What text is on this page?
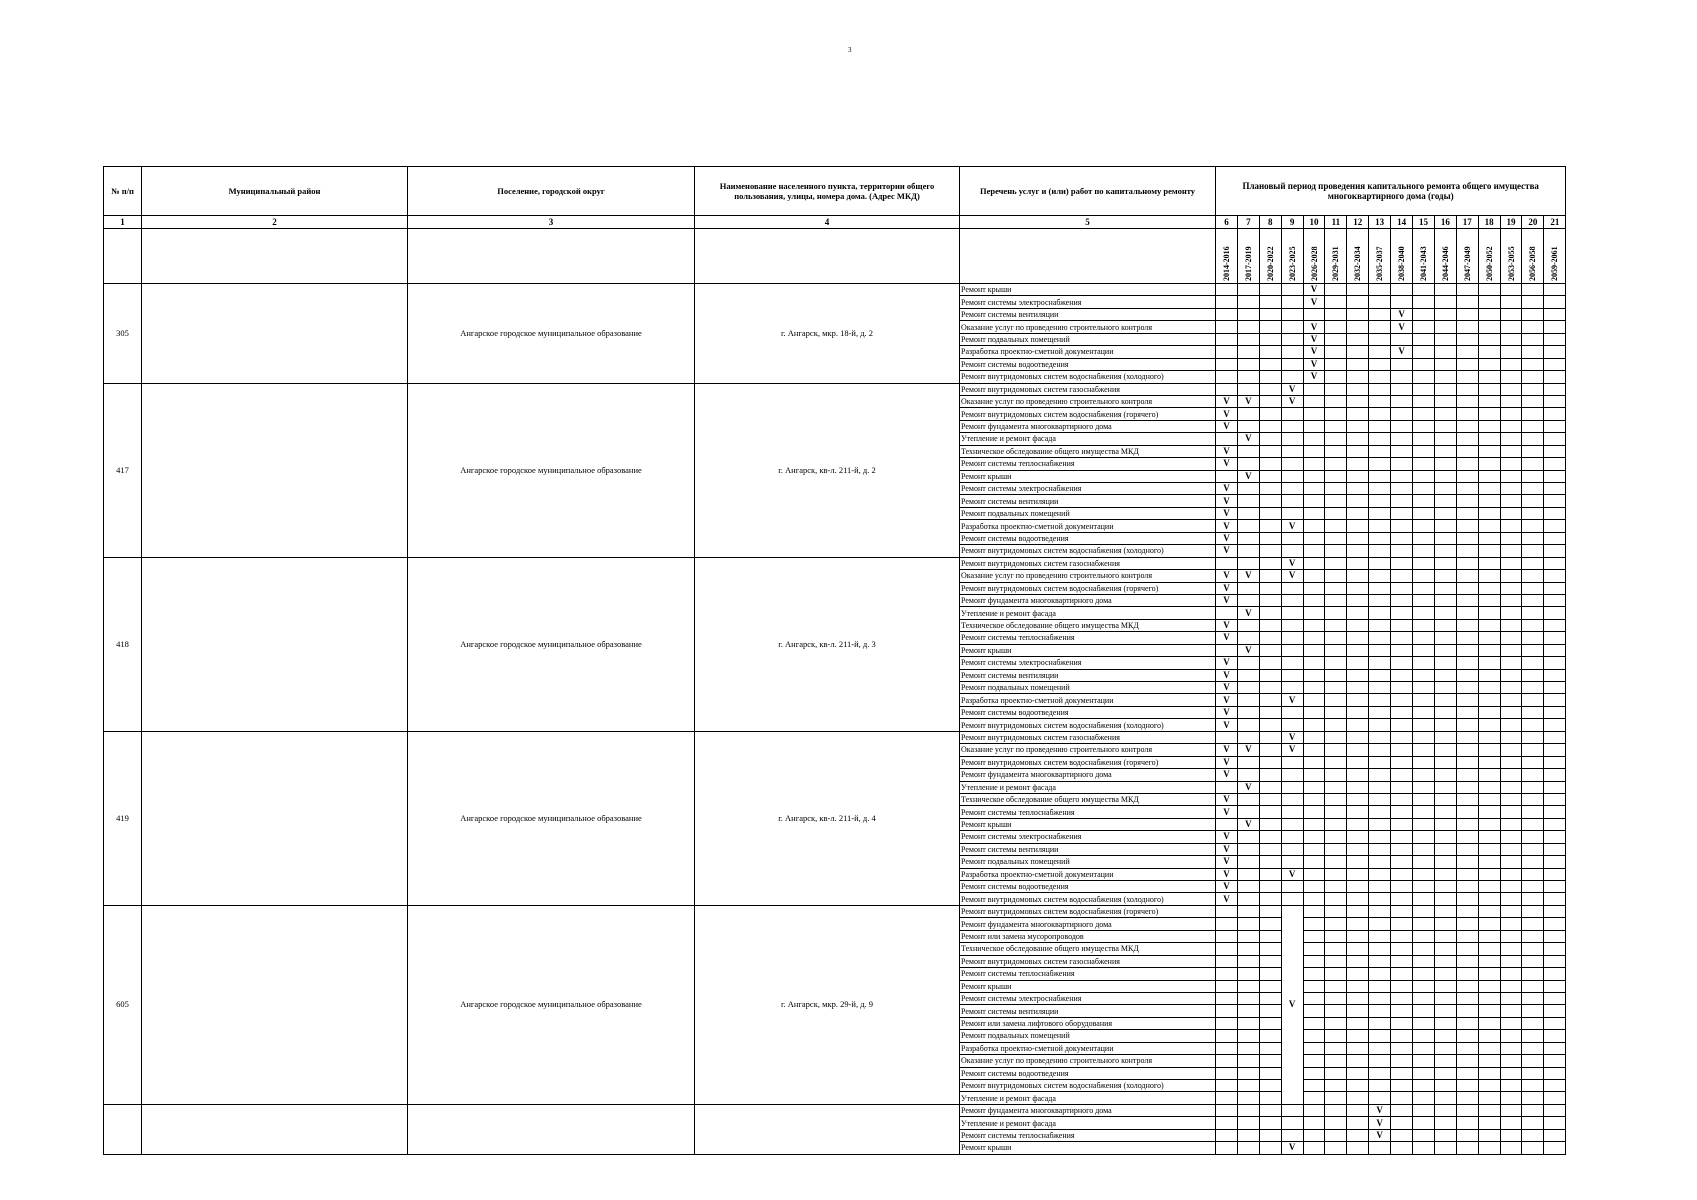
3
№ п/п	Муниципальный район	Поселение, городской округ	Наименование населенного пункта, территории общего пользования, улицы, номера дома. (Адрес МКД)	Перечень услуг и (или) работ по капитальному ремонту	Плановый период проведения капитального ремонта общего имущества многоквартирного дома (годы)															
1	2	3	4	5	6	7	8	9	10	11	12	13	14	15	16	17	18	19	20	21

					2014-2016	2017-2019	2020-2022	2023-2025	2026-2028	2029-2031	2032-2034	2035-2037	2038-2040	2041-2043	2044-2046	2047-2049	2050-2052	2053-2055	2056-2058	2059-2061

305		Ангарское городское муниципальное образование	г. Ангарск, мкр. 18-й, д. 2	Ремонт крыши					V											
				Ремонт системы электроснабжения					V											
				Ремонт системы вентиляции									V							
				Оказание услуг по проведению строительного контроля					V				V							
				Ремонт подвальных помещений					V											
				Разработка проектно-сметной документации					V				V							
				Ремонт системы водоотведения					V											
				Ремонт внутридомовых систем водоснабжения (холодного)					V											
417		Ангарское городское муниципальное образование	г. Ангарск, кв-л. 211-й, д. 2	Ремонт внутридомовых систем газоснабжения				V												
				Оказание услуг по проведению строительного контроля	V	V		V												
				Ремонт внутридомовых систем водоснабжения (горячего)	V															
				Ремонт фундамента многоквартирного дома	V															
				Утепление и ремонт фасада		V														
				Техническое обследование общего имущества МКД	V															
				Ремонт системы теплоснабжения	V															
				Ремонт крыши		V														
				Ремонт системы электроснабжения	V															
				Ремонт системы вентиляции	V															
				Ремонт подвальных помещений	V															
				Разработка проектно-сметной документации	V			V												
				Ремонт системы водоотведения	V															
				Ремонт внутридомовых систем водоснабжения (холодного)	V															
418		Ангарское городское муниципальное образование	г. Ангарск, кв-л. 211-й, д. 3	Ремонт внутридомовых систем газоснабжения				V												
				Оказание услуг по проведению строительного контроля	V	V		V												
				Ремонт внутридомовых систем водоснабжения (горячего)	V															
				Ремонт фундамента многоквартирного дома	V															
				Утепление и ремонт фасада		V														
				Техническое обследование общего имущества МКД	V															
				Ремонт системы теплоснабжения	V															
				Ремонт крыши		V														
				Ремонт системы электроснабжения	V															
				Ремонт системы вентиляции	V															
				Ремонт подвальных помещений	V															
				Разработка проектно-сметной документации	V			V												
				Ремонт системы водоотведения	V															
				Ремонт внутридомовых систем водоснабжения (холодного)	V															
419		Ангарское городское муниципальное образование	г. Ангарск, кв-л. 211-й, д. 4	Ремонт внутридомовых систем газоснабжения				V												
				Оказание услуг по проведению строительного контроля	V	V		V												
				Ремонт внутридомовых систем водоснабжения (горячего)	V															
				Ремонт фундамента многоквартирного дома	V															
				Утепление и ремонт фасада		V														
				Техническое обследование общего имущества МКД	V															
				Ремонт системы теплоснабжения	V															
				Ремонт крыши		V														
				Ремонт системы электроснабжения	V															
				Ремонт системы вентиляции	V															
				Ремонт подвальных помещений	V															
				Разработка проектно-сметной документации	V			V												
				Ремонт системы водоотведения	V															
				Ремонт внутридомовых систем водоснабжения (холодного)	V															
605		Ангарское городское муниципальное образование	г. Ангарск, мкр. 29-й, д. 9	Ремонт внутридомовых систем водоснабжения (горячего)				V												
				Ремонт фундамента многоквартирного дома																
				Ремонт или замена мусоропроводов																
				Техническое обследование общего имущества МКД																
				Ремонт внутридомовых систем газоснабжения																
				Ремонт системы теплоснабжения																
				Ремонт крыши																
				Ремонт системы электроснабжения																
				Ремонт системы вентиляции																
				Ремонт или замена лифтового оборудования																
				Ремонт подвальных помещений																
				Разработка проектно-сметной документации																
				Оказание услуг по проведению строительного контроля																
				Ремонт системы водоотведения																
				Ремонт внутридомовых систем водоснабжения (холодного)																
				Утепление и ремонт фасада																
				Ремонт фундамента многоквартирного дома								V								
				Утепление и ремонт фасада								V								
				Ремонт системы теплоснабжения								V								
				Ремонт крыши				V												
